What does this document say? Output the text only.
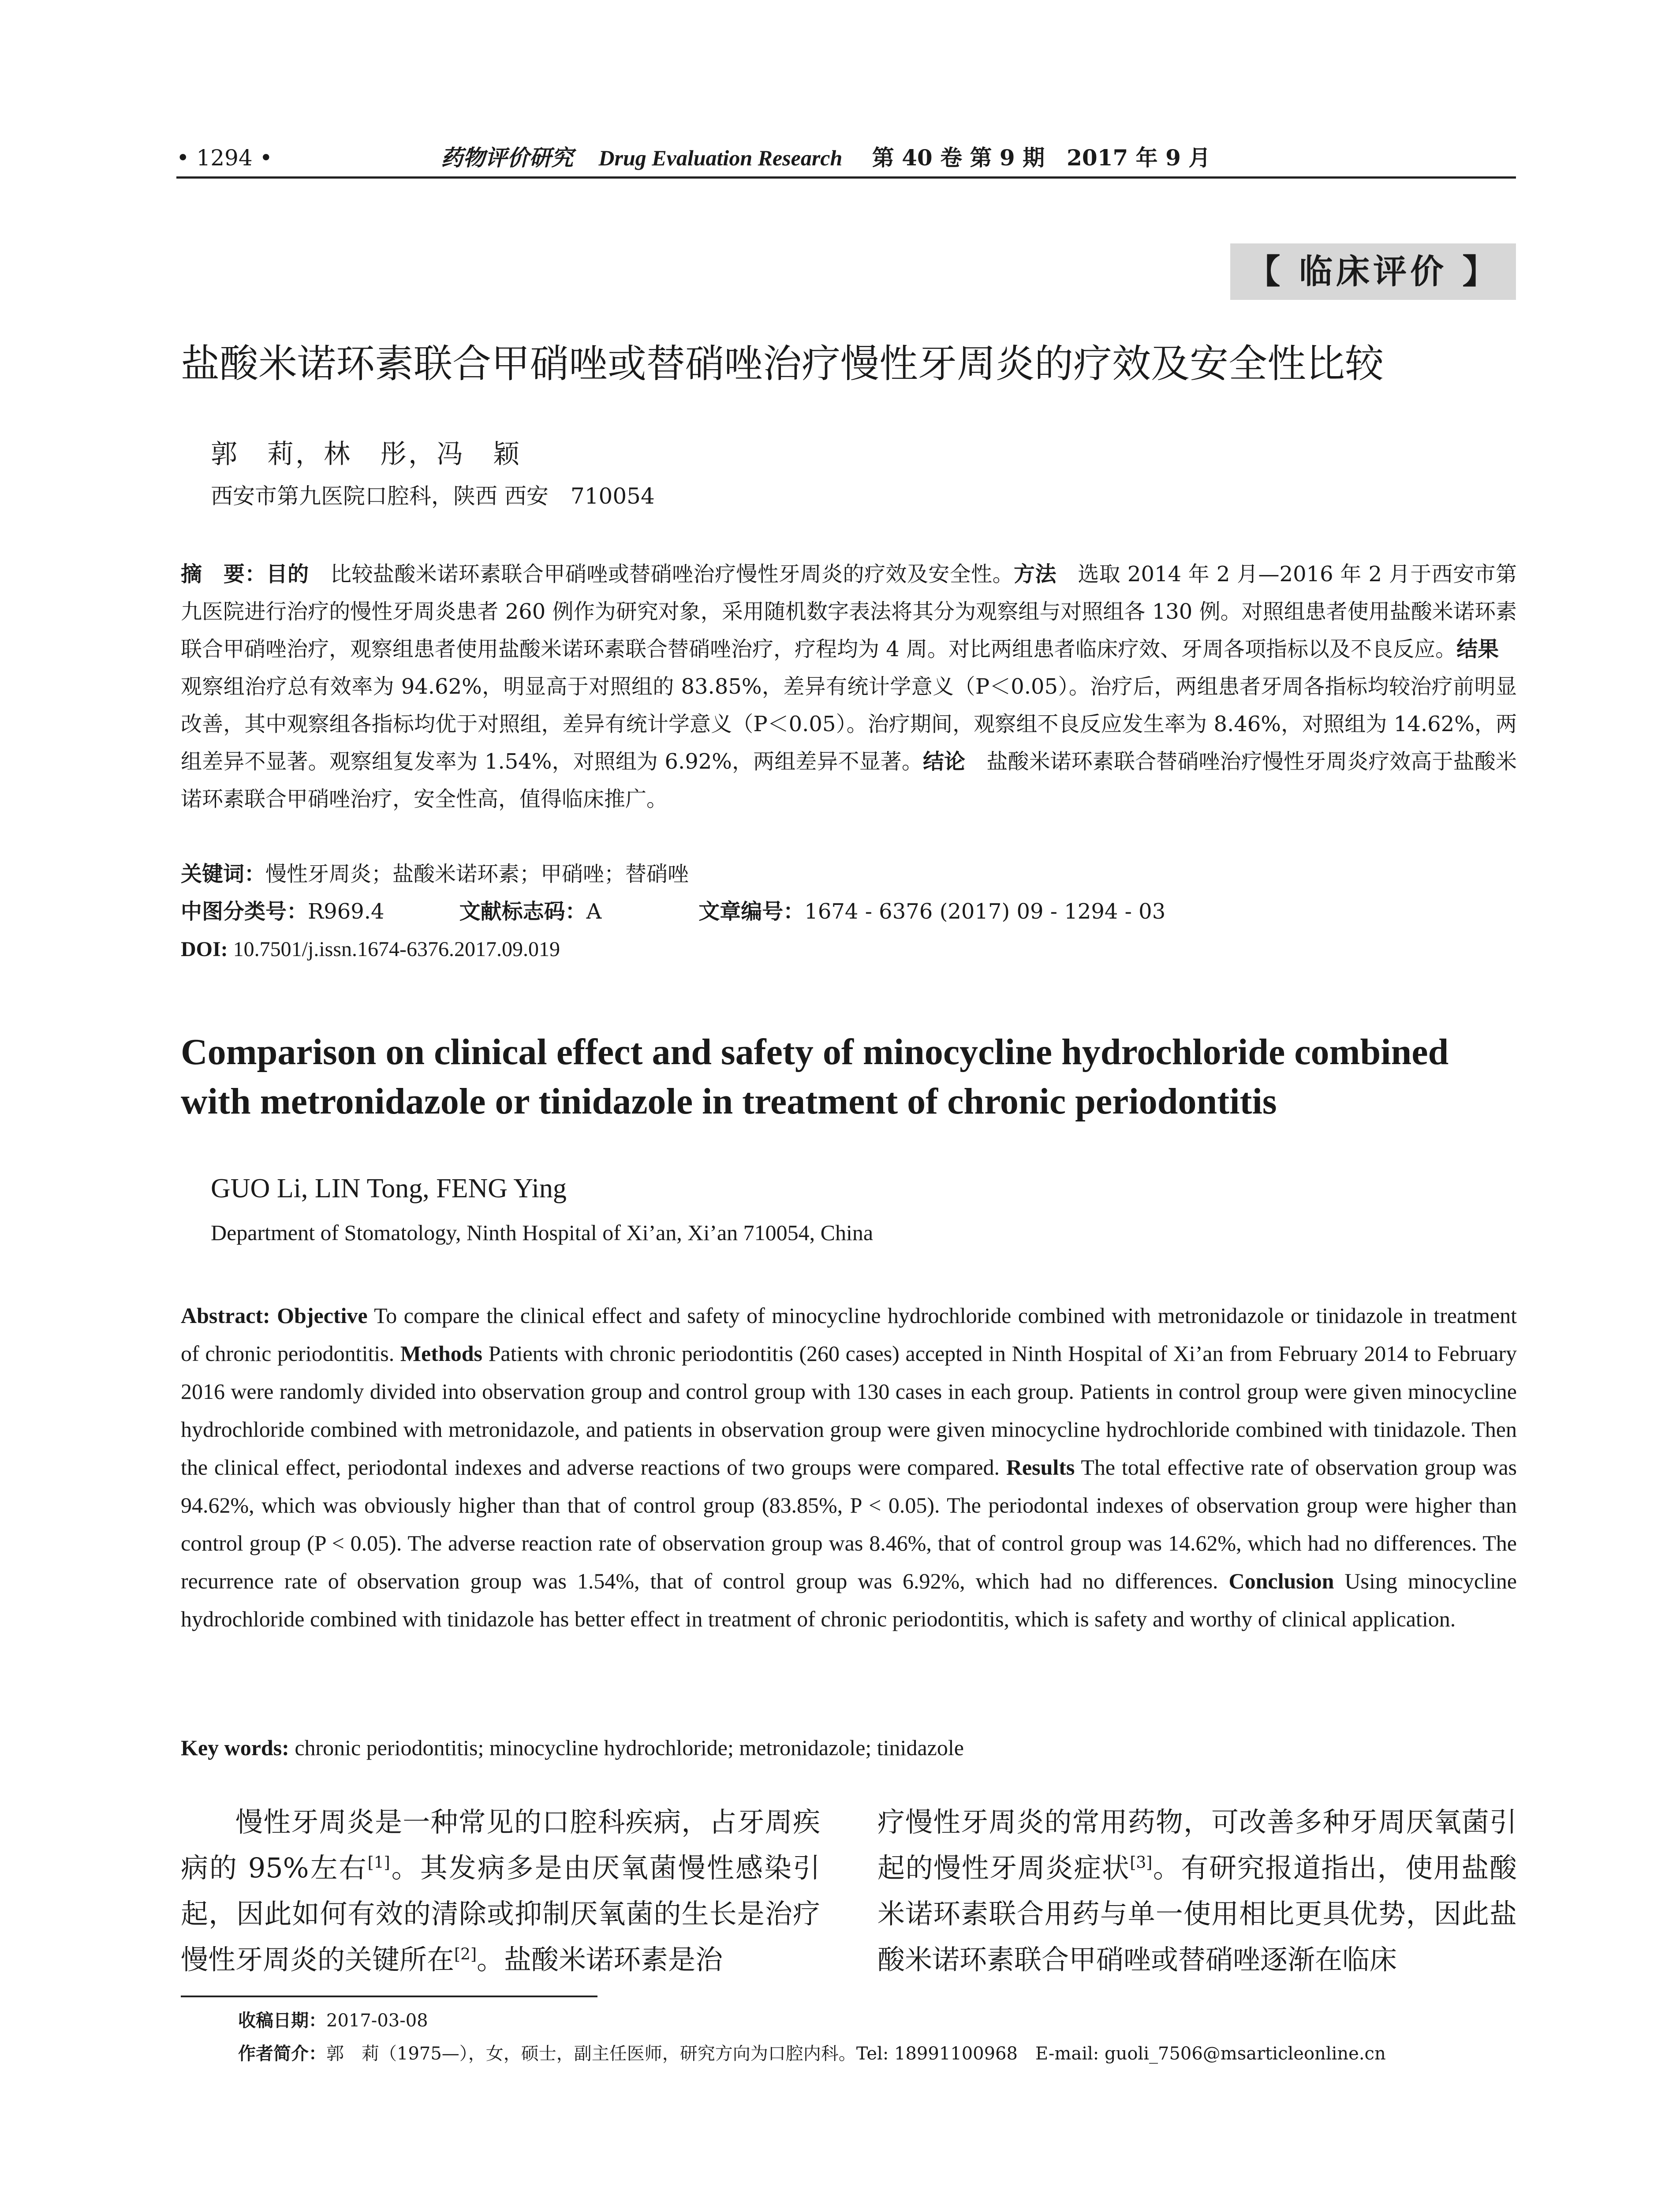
• 1294 •	药物评价研究 Drug Evaluation Research 第 40 卷 第 9 期　2017 年 9 月
【 临床评价 】
盐酸米诺环素联合甲硝唑或替硝唑治疗慢性牙周炎的疗效及安全性比较
郭　莉，林　彤，冯　颖
西安市第九医院口腔科，陕西 西安　710054
摘　要：目的　比较盐酸米诺环素联合甲硝唑或替硝唑治疗慢性牙周炎的疗效及安全性。方法　选取 2014 年 2 月—2016 年 2 月于西安市第九医院进行治疗的慢性牙周炎患者 260 例作为研究对象，采用随机数字表法将其分为观察组与对照组各 130 例。对照组患者使用盐酸米诺环素联合甲硝唑治疗，观察组患者使用盐酸米诺环素联合替硝唑治疗，疗程均为 4 周。对比两组患者临床疗效、牙周各项指标以及不良反应。结果　观察组治疗总有效率为 94.62%，明显高于对照组的 83.85%，差异有统计学意义（P＜0.05）。治疗后，两组患者牙周各指标均较治疗前明显改善，其中观察组各指标均优于对照组，差异有统计学意义（P＜0.05）。治疗期间，观察组不良反应发生率为 8.46%，对照组为 14.62%，两组差异不显著。观察组复发率为 1.54%，对照组为 6.92%，两组差异不显著。结论　盐酸米诺环素联合替硝唑治疗慢性牙周炎疗效高于盐酸米诺环素联合甲硝唑治疗，安全性高，值得临床推广。
关键词：慢性牙周炎；盐酸米诺环素；甲硝唑；替硝唑
中图分类号：R969.4	文献标志码：A	文章编号：1674 - 6376 (2017) 09 - 1294 - 03
DOI: 10.7501/j.issn.1674-6376.2017.09.019
Comparison on clinical effect and safety of minocycline hydrochloride combined with metronidazole or tinidazole in treatment of chronic periodontitis
GUO Li, LIN Tong, FENG Ying
Department of Stomatology, Ninth Hospital of Xi’an, Xi’an 710054, China
Abstract: Objective To compare the clinical effect and safety of minocycline hydrochloride combined with metronidazole or tinidazole in treatment of chronic periodontitis. Methods Patients with chronic periodontitis (260 cases) accepted in Ninth Hospital of Xi’an from February 2014 to February 2016 were randomly divided into observation group and control group with 130 cases in each group. Patients in control group were given minocycline hydrochloride combined with metronidazole, and patients in observation group were given minocycline hydrochloride combined with tinidazole. Then the clinical effect, periodontal indexes and adverse reactions of two groups were compared. Results The total effective rate of observation group was 94.62%, which was obviously higher than that of control group (83.85%, P < 0.05). The periodontal indexes of observation group were higher than control group (P < 0.05). The adverse reaction rate of observation group was 8.46%, that of control group was 14.62%, which had no differences. The recurrence rate of observation group was 1.54%, that of control group was 6.92%, which had no differences. Conclusion Using minocycline hydrochloride combined with tinidazole has better effect in treatment of chronic periodontitis, which is safety and worthy of clinical application.
Key words: chronic periodontitis; minocycline hydrochloride; metronidazole; tinidazole
慢性牙周炎是一种常见的口腔科疾病，占牙周疾病的 95%左右[1]。其发病多是由厌氧菌慢性感染引起，因此如何有效的清除或抑制厌氧菌的生长是治疗慢性牙周炎的关键所在[2]。盐酸米诺环素是治
疗慢性牙周炎的常用药物，可改善多种牙周厌氧菌引起的慢性牙周炎症状[3]。有研究报道指出，使用盐酸米诺环素联合用药与单一使用相比更具优势，因此盐酸米诺环素联合甲硝唑或替硝唑逐渐在临床
收稿日期：2017-03-08
作者简介：郭　莉（1975—），女，硕士，副主任医师，研究方向为口腔内科。Tel: 18991100968　E-mail: guoli_7506@msarticleonline.cn
